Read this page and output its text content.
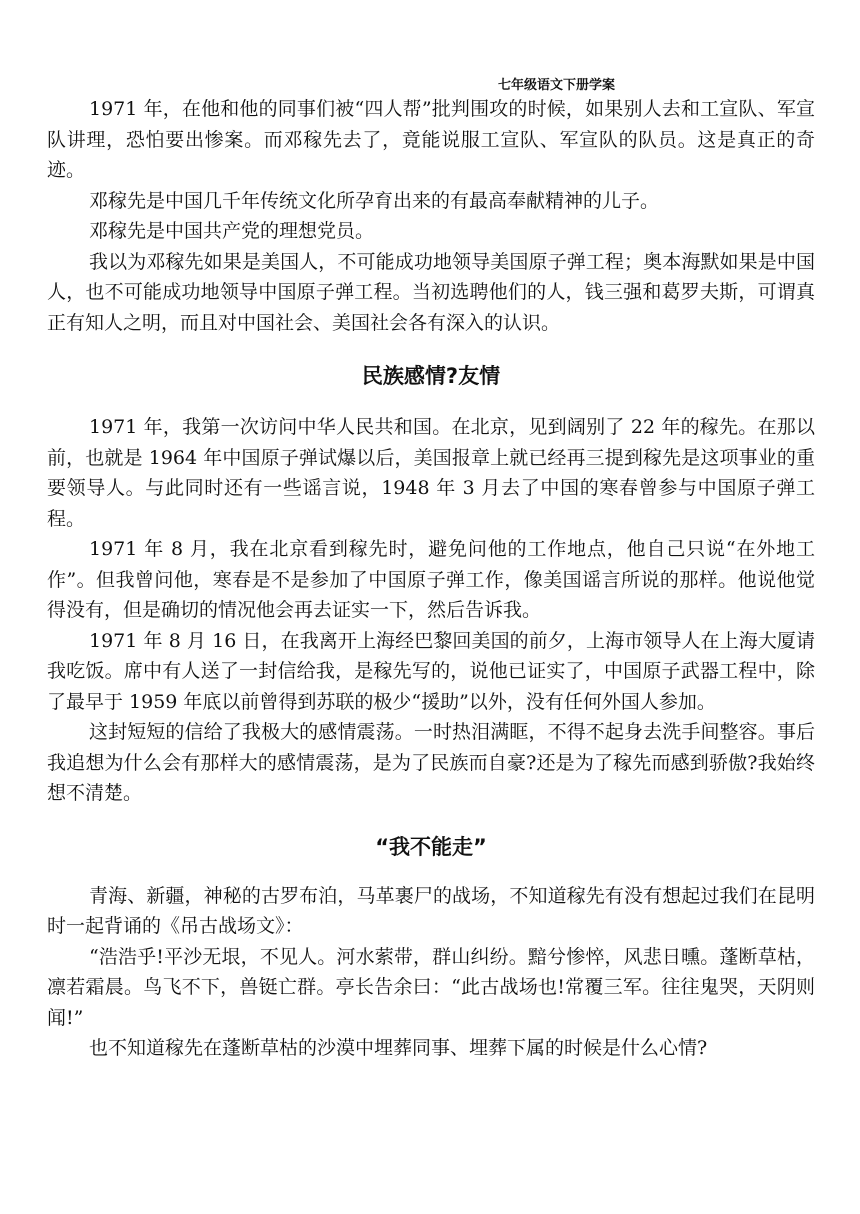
七年级语文下册学案

1971 年，在他和他的同事们被“四人帮”批判围攻的时候，如果别人去和工宣队、军宣队讲理，恐怕要出惨案。而邓稼先去了，竟能说服工宣队、军宣队的队员。这是真正的奇迹。

邓稼先是中国几千年传统文化所孕育出来的有最高奉献精神的儿子。

邓稼先是中国共产党的理想党员。

我以为邓稼先如果是美国人，不可能成功地领导美国原子弹工程；奥本海默如果是中国人，也不可能成功地领导中国原子弹工程。当初选聘他们的人，钱三强和葛罗夫斯，可谓真正有知人之明，而且对中国社会、美国社会各有深入的认识。

民族感情?友情

1971 年，我第一次访问中华人民共和国。在北京，见到阔别了 22 年的稼先。在那以前，也就是 1964 年中国原子弹试爆以后，美国报章上就已经再三提到稼先是这项事业的重要领导人。与此同时还有一些谣言说，1948 年 3 月去了中国的寒春曾参与中国原子弹工程。

1971 年 8 月，我在北京看到稼先时，避免问他的工作地点，他自己只说“在外地工作”。但我曾问他，寒春是不是参加了中国原子弹工作，像美国谣言所说的那样。他说他觉得没有，但是确切的情况他会再去证实一下，然后告诉我。

1971 年 8 月 16 日，在我离开上海经巴黎回美国的前夕，上海市领导人在上海大厦请我吃饭。席中有人送了一封信给我，是稼先写的，说他已证实了，中国原子武器工程中，除了最早于 1959 年底以前曾得到苏联的极少“援助”以外，没有任何外国人参加。

这封短短的信给了我极大的感情震荡。一时热泪满眶，不得不起身去洗手间整容。事后我追想为什么会有那样大的感情震荡，是为了民族而自豪?还是为了稼先而感到骄傲?我始终想不清楚。

“我不能走”

青海、新疆，神秘的古罗布泊，马革裹尸的战场，不知道稼先有没有想起过我们在昆明时一起背诵的《吊古战场文》：

“浩浩乎!平沙无垠，不见人。河水萦带，群山纠纷。黯兮惨悴，风悲日曛。蓬断草枯，凛若霜晨。鸟飞不下，兽铤亡群。亭长告余曰：“此古战场也!常覆三军。往往鬼哭，天阴则闻!”

也不知道稼先在蓬断草枯的沙漠中埋葬同事、埋葬下属的时候是什么心情?
